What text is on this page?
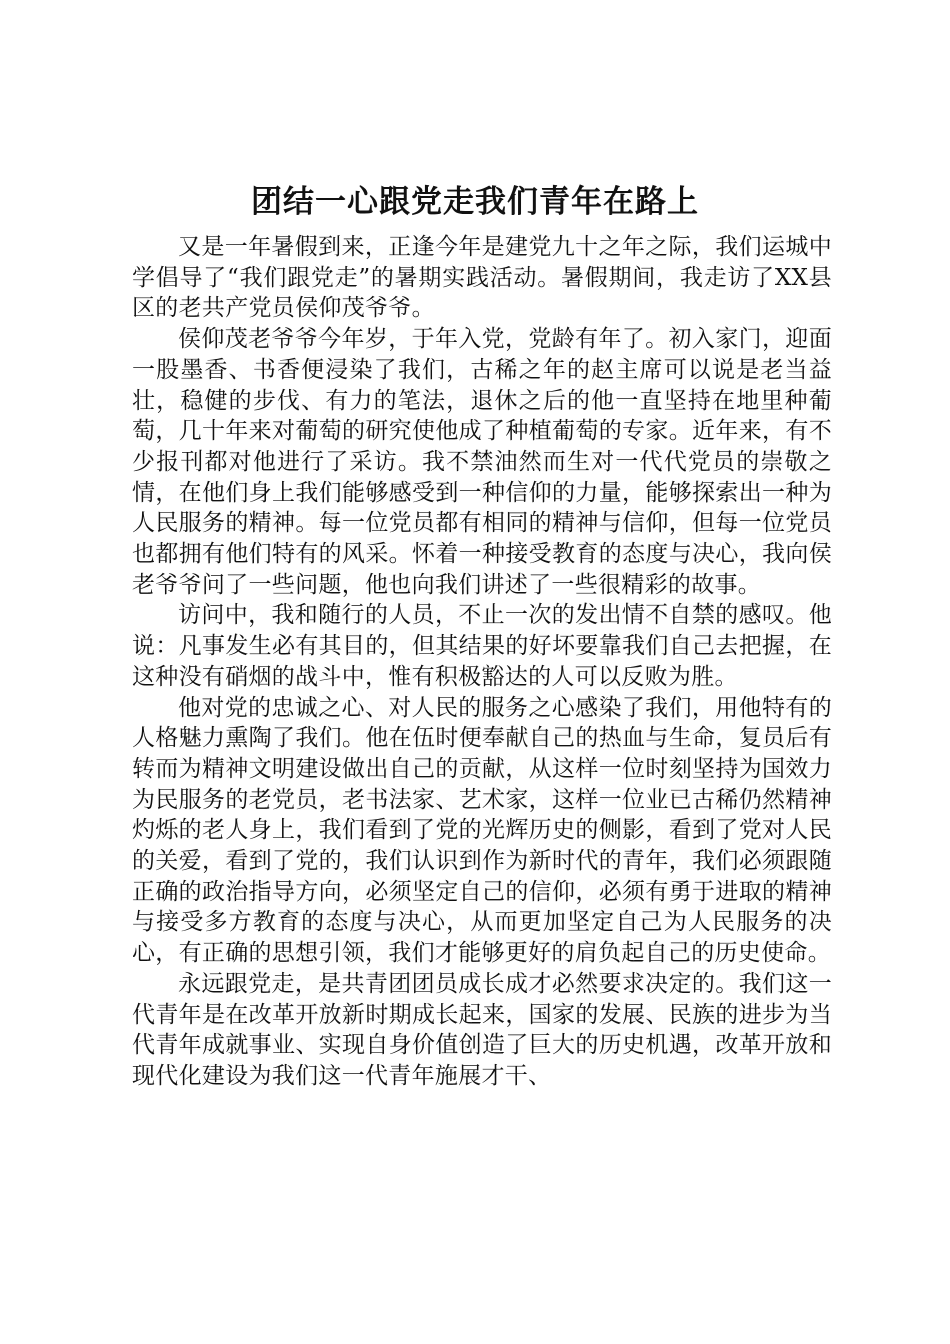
团结一心跟党走我们青年在路上

又是一年暑假到来，正逢今年是建党九十之年之际，我们运城中学倡导了“我们跟党走”的暑期实践活动。暑假期间，我走访了XX县区的老共产党员侯仰茂爷爷。

侯仰茂老爷爷今年岁，于年入党，党龄有年了。初入家门，迎面一股墨香、书香便浸染了我们，古稀之年的赵主席可以说是老当益壮，稳健的步伐、有力的笔法，退休之后的他一直坚持在地里种葡萄，几十年来对葡萄的研究使他成了种植葡萄的专家。近年来，有不少报刊都对他进行了采访。我不禁油然而生对一代代党员的崇敬之情，在他们身上我们能够感受到一种信仰的力量，能够探索出一种为人民服务的精神。每一位党员都有相同的精神与信仰，但每一位党员也都拥有他们特有的风采。怀着一种接受教育的态度与决心，我向侯老爷爷问了一些问题，他也向我们讲述了一些很精彩的故事。

访问中，我和随行的人员，不止一次的发出情不自禁的感叹。他说：凡事发生必有其目的，但其结果的好坏要靠我们自己去把握，在这种没有硝烟的战斗中，惟有积极豁达的人可以反败为胜。

他对党的忠诚之心、对人民的服务之心感染了我们，用他特有的人格魅力熏陶了我们。他在伍时便奉献自己的热血与生命，复员后有转而为精神文明建设做出自己的贡献，从这样一位时刻坚持为国效力为民服务的老党员，老书法家、艺术家，这样一位业已古稀仍然精神灼烁的老人身上，我们看到了党的光辉历史的侧影，看到了党对人民的关爱，看到了党的，我们认识到作为新时代的青年，我们必须跟随正确的政治指导方向，必须坚定自己的信仰，必须有勇于进取的精神与接受多方教育的态度与决心，从而更加坚定自己为人民服务的决心，有正确的思想引领，我们才能够更好的肩负起自己的历史使命。

永远跟党走，是共青团团员成长成才必然要求决定的。我们这一代青年是在改革开放新时期成长起来，国家的发展、民族的进步为当代青年成就事业、实现自身价值创造了巨大的历史机遇，改革开放和现代化建设为我们这一代青年施展才干、
